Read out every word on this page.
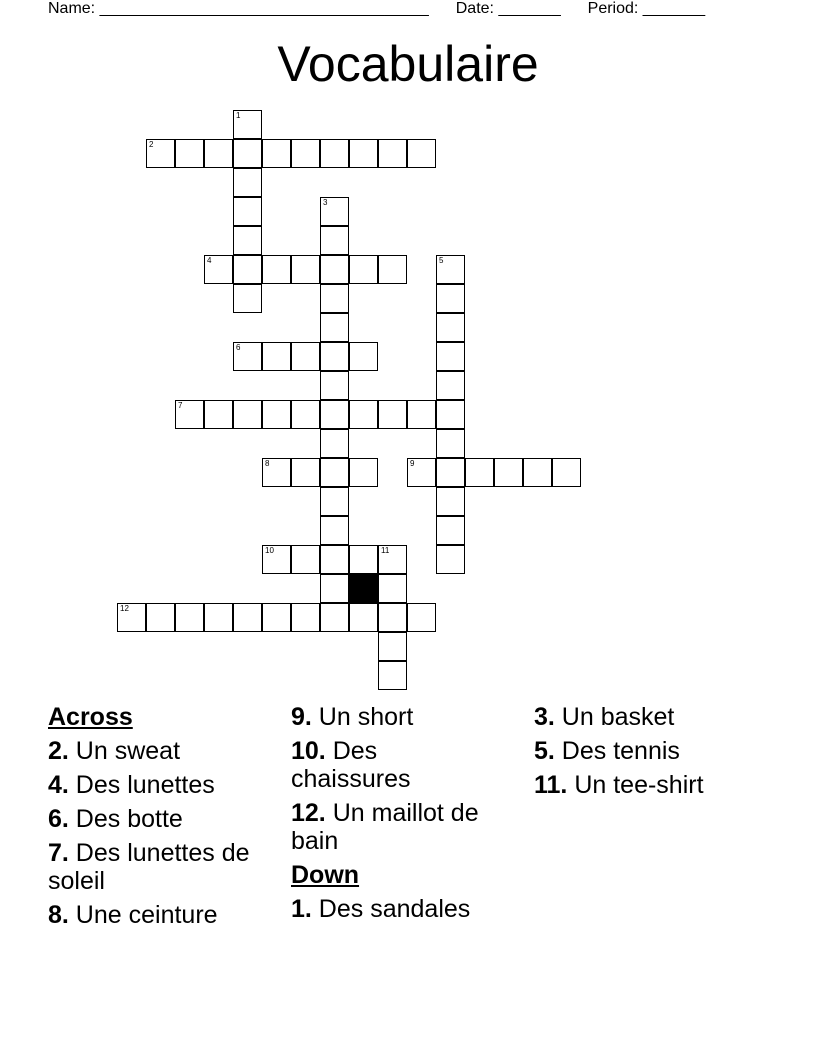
Name: _____________________________________ Date: _______ Period: _______
Vocabulaire
2
1
3
4	5
6
7
8	9
10	11
12
Across
2. Un sweat
4. Des lunettes
6. Des botte
7. Des lunettes de soleil
8. Une ceinture
9. Un short
10. Des chaissures
12. Un maillot de bain
Down
1. Des sandales
3. Un basket
5. Des tennis
11. Un tee-shirt
